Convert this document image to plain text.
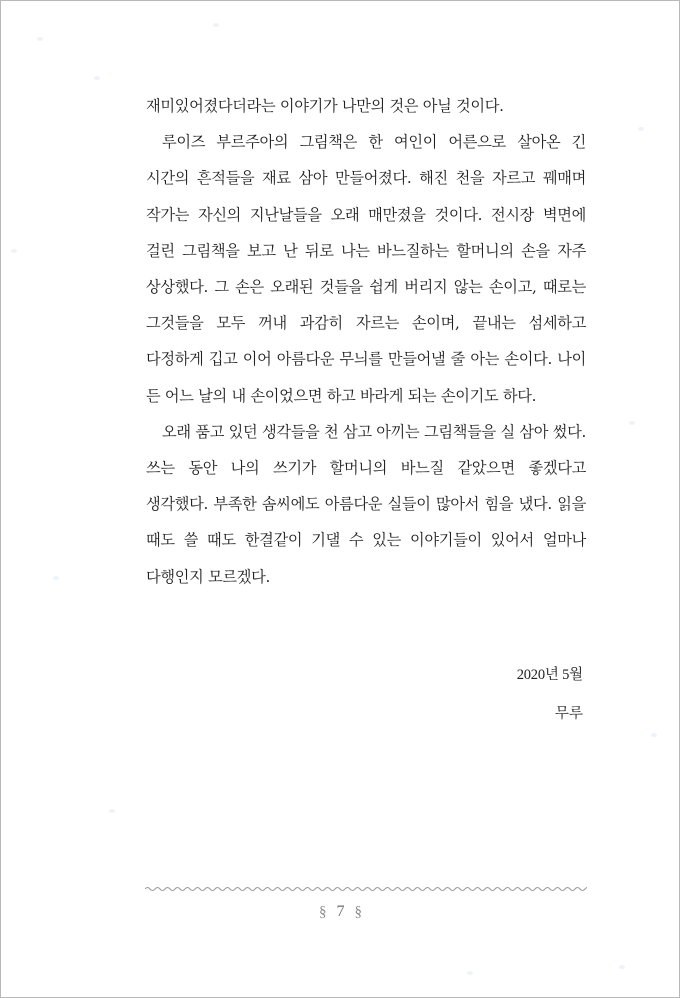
재미있어졌다더라는 이야기가 나만의 것은 아닐 것이다.

루이즈 부르주아의 그림책은 한 여인이 어른으로 살아온 긴 시간의 흔적들을 재료 삼아 만들어졌다. 해진 천을 자르고 꿰매며 작가는 자신의 지난날들을 오래 매만졌을 것이다. 전시장 벽면에 걸린 그림책을 보고 난 뒤로 나는 바느질하는 할머니의 손을 자주 상상했다. 그 손은 오래된 것들을 쉽게 버리지 않는 손이고, 때로는 그것들을 모두 꺼내 과감히 자르는 손이며, 끝내는 섬세하고 다정하게 깁고 이어 아름다운 무늬를 만들어낼 줄 아는 손이다. 나이 든 어느 날의 내 손이었으면 하고 바라게 되는 손이기도 하다.

오래 품고 있던 생각들을 천 삼고 아끼는 그림책들을 실 삼아 썼다. 쓰는 동안 나의 쓰기가 할머니의 바느질 같았으면 좋겠다고 생각했다. 부족한 솜씨에도 아름다운 실들이 많아서 힘을 냈다. 읽을 때도 쓸 때도 한결같이 기댈 수 있는 이야기들이 있어서 얼마나 다행인지 모르겠다.

2020년 5월
무루
§ 7 §
